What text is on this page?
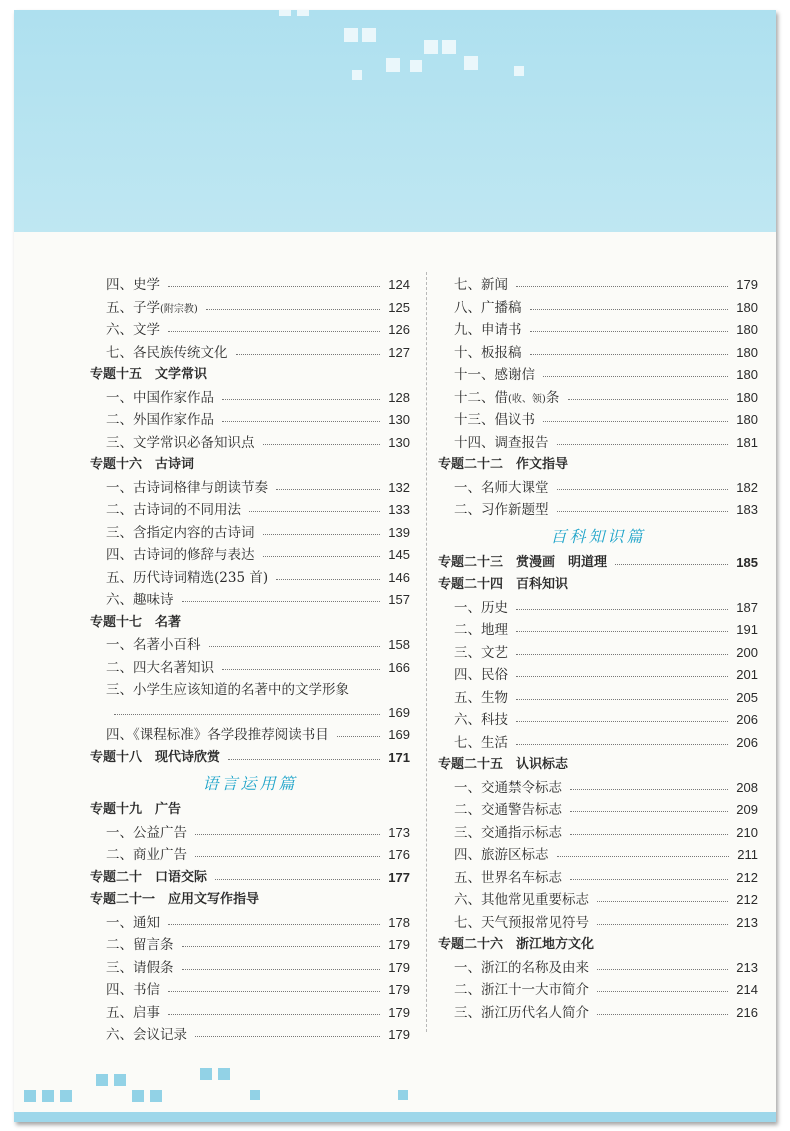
四、史学	124
五、子学(附宗教)	125
六、文学	126
七、各民族传统文化	127
专题十五　文学常识
一、中国作家作品	128
二、外国作家作品	130
三、文学常识必备知识点	130
专题十六　古诗词
一、古诗词格律与朗读节奏	132
二、古诗词的不同用法	133
三、含指定内容的古诗词	139
四、古诗词的修辞与表达	145
五、历代诗词精选(235 首)	146
六、趣味诗	157
专题十七　名著
一、名著小百科	158
二、四大名著知识	166
三、小学生应该知道的名著中的文学形象
169
四、《课程标准》各学段推荐阅读书目	169
专题十八　现代诗欣赏	171
语言运用篇
专题十九　广告
一、公益广告	173
二、商业广告	176
专题二十　口语交际	177
专题二十一　应用文写作指导
一、通知	178
二、留言条	179
三、请假条	179
四、书信	179
五、启事	179
六、会议记录	179
七、新闻	179
八、广播稿	180
九、申请书	180
十、板报稿	180
十一、感谢信	180
十二、借(收、领)条	180
十三、倡议书	180
十四、调查报告	181
专题二十二　作文指导
一、名师大课堂	182
二、习作新题型	183
百科知识篇
专题二十三　赏漫画　明道理	185
专题二十四　百科知识
一、历史	187
二、地理	191
三、文艺	200
四、民俗	201
五、生物	205
六、科技	206
七、生活	206
专题二十五　认识标志
一、交通禁令标志	208
二、交通警告标志	209
三、交通指示标志	210
四、旅游区标志	211
五、世界名车标志	212
六、其他常见重要标志	212
七、天气预报常见符号	213
专题二十六　浙江地方文化
一、浙江的名称及由来	213
二、浙江十一大市简介	214
三、浙江历代名人简介	216
